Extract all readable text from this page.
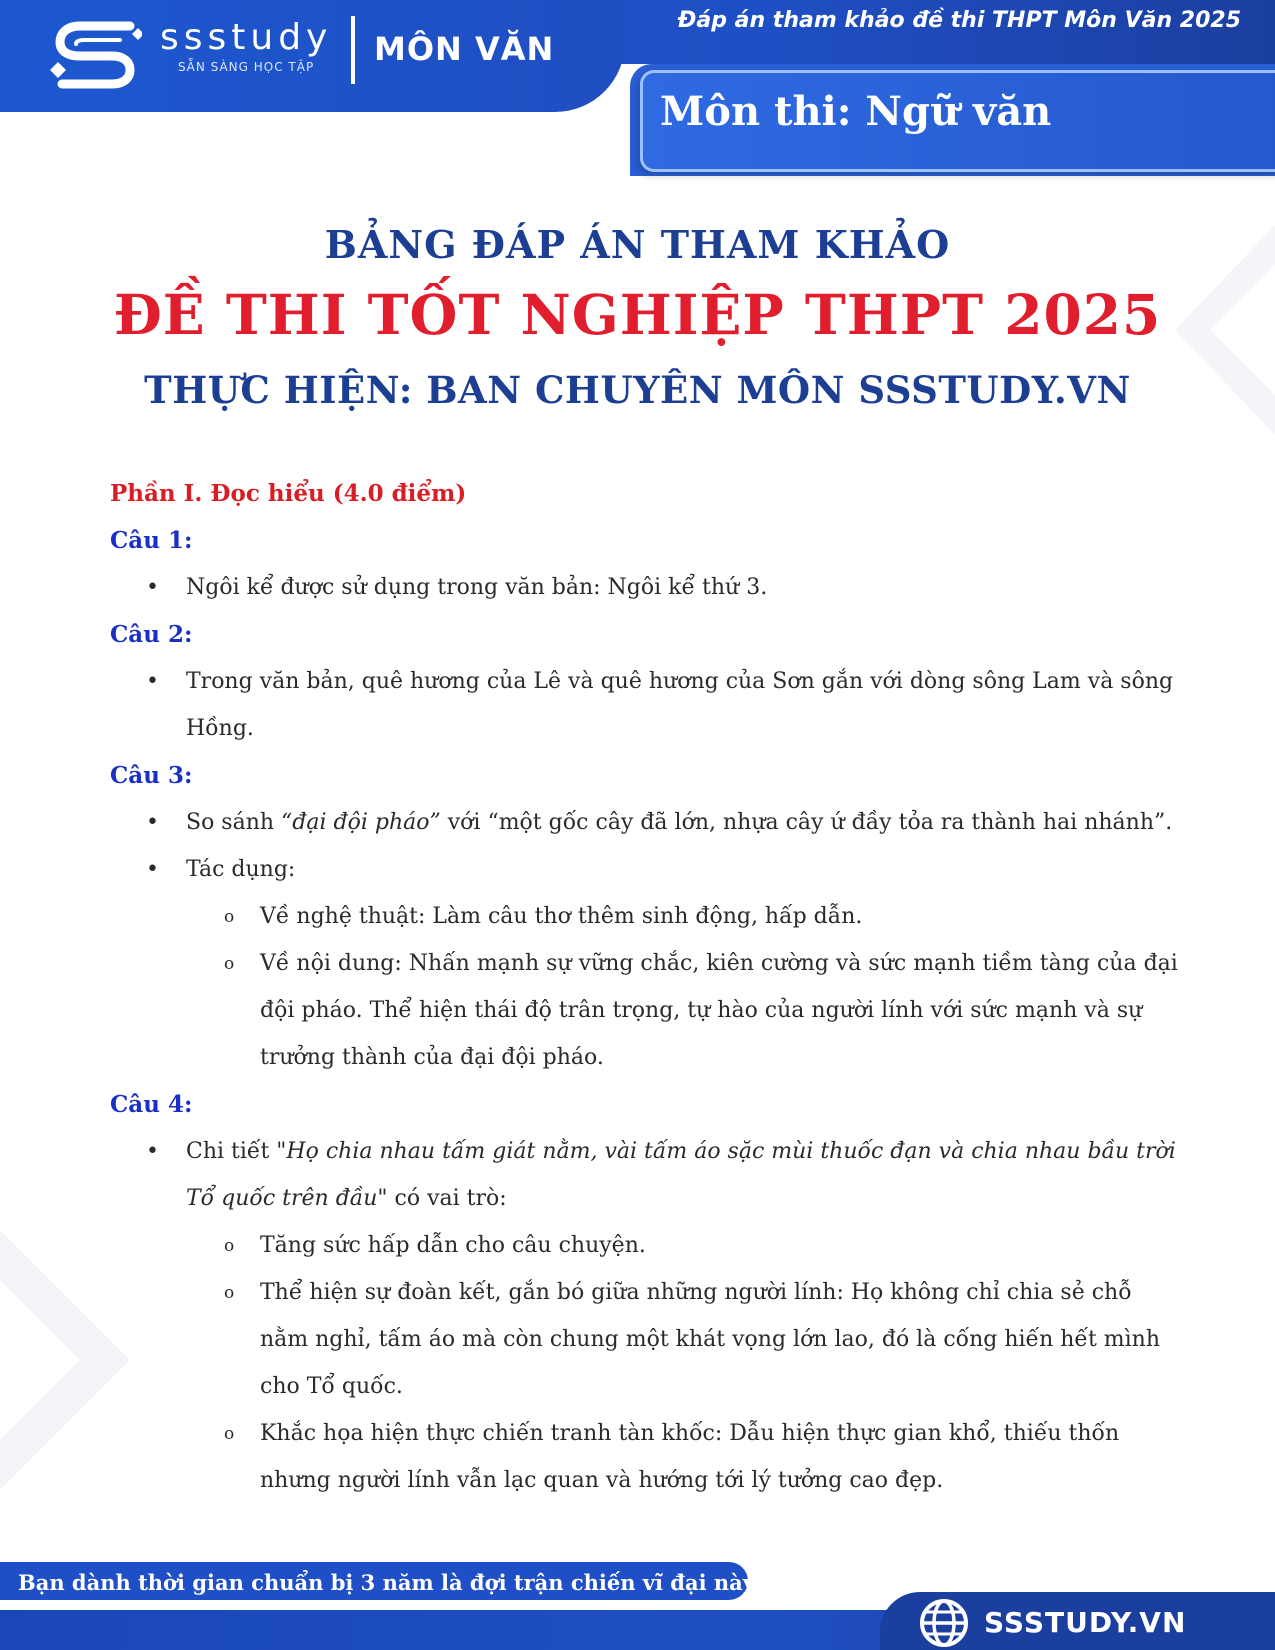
ssstudy
SẴN SÀNG HỌC TẬP MÔN VĂN
Đáp án tham khảo đề thi THPT Môn Văn 2025
Môn thi: Ngữ văn
BẢNG ĐÁP ÁN THAM KHẢO
ĐỀ THI TỐT NGHIỆP THPT 2025
THỰC HIỆN: BAN CHUYÊN MÔN SSSTUDY.VN
Phần I. Đọc hiểu (4.0 điểm)
Câu 1:
• Ngôi kể được sử dụng trong văn bản: Ngôi kể thứ 3.
Câu 2:
• Trong văn bản, quê hương của Lê và quê hương của Sơn gắn với dòng sông Lam và sông Hồng.
Câu 3:
• So sánh “đại đội pháo” với “một gốc cây đã lớn, nhựa cây ứ đầy tỏa ra thành hai nhánh”.
• Tác dụng:
o Về nghệ thuật: Làm câu thơ thêm sinh động, hấp dẫn.
o Về nội dung: Nhấn mạnh sự vững chắc, kiên cường và sức mạnh tiềm tàng của đại đội pháo. Thể hiện thái độ trân trọng, tự hào của người lính với sức mạnh và sự trưởng thành của đại đội pháo.
Câu 4:
• Chi tiết "Họ chia nhau tấm giát nằm, vài tấm áo sặc mùi thuốc đạn và chia nhau bầu trời Tổ quốc trên đầu" có vai trò:
o Tăng sức hấp dẫn cho câu chuyện.
o Thể hiện sự đoàn kết, gắn bó giữa những người lính: Họ không chỉ chia sẻ chỗ nằm nghỉ, tấm áo mà còn chung một khát vọng lớn lao, đó là cống hiến hết mình cho Tổ quốc.
o Khắc họa hiện thực chiến tranh tàn khốc: Dẫu hiện thực gian khổ, thiếu thốn nhưng người lính vẫn lạc quan và hướng tới lý tưởng cao đẹp.
Bạn dành thời gian chuẩn bị 3 năm là đợi trận chiến vĩ đại này !
SSSTUDY.VN
